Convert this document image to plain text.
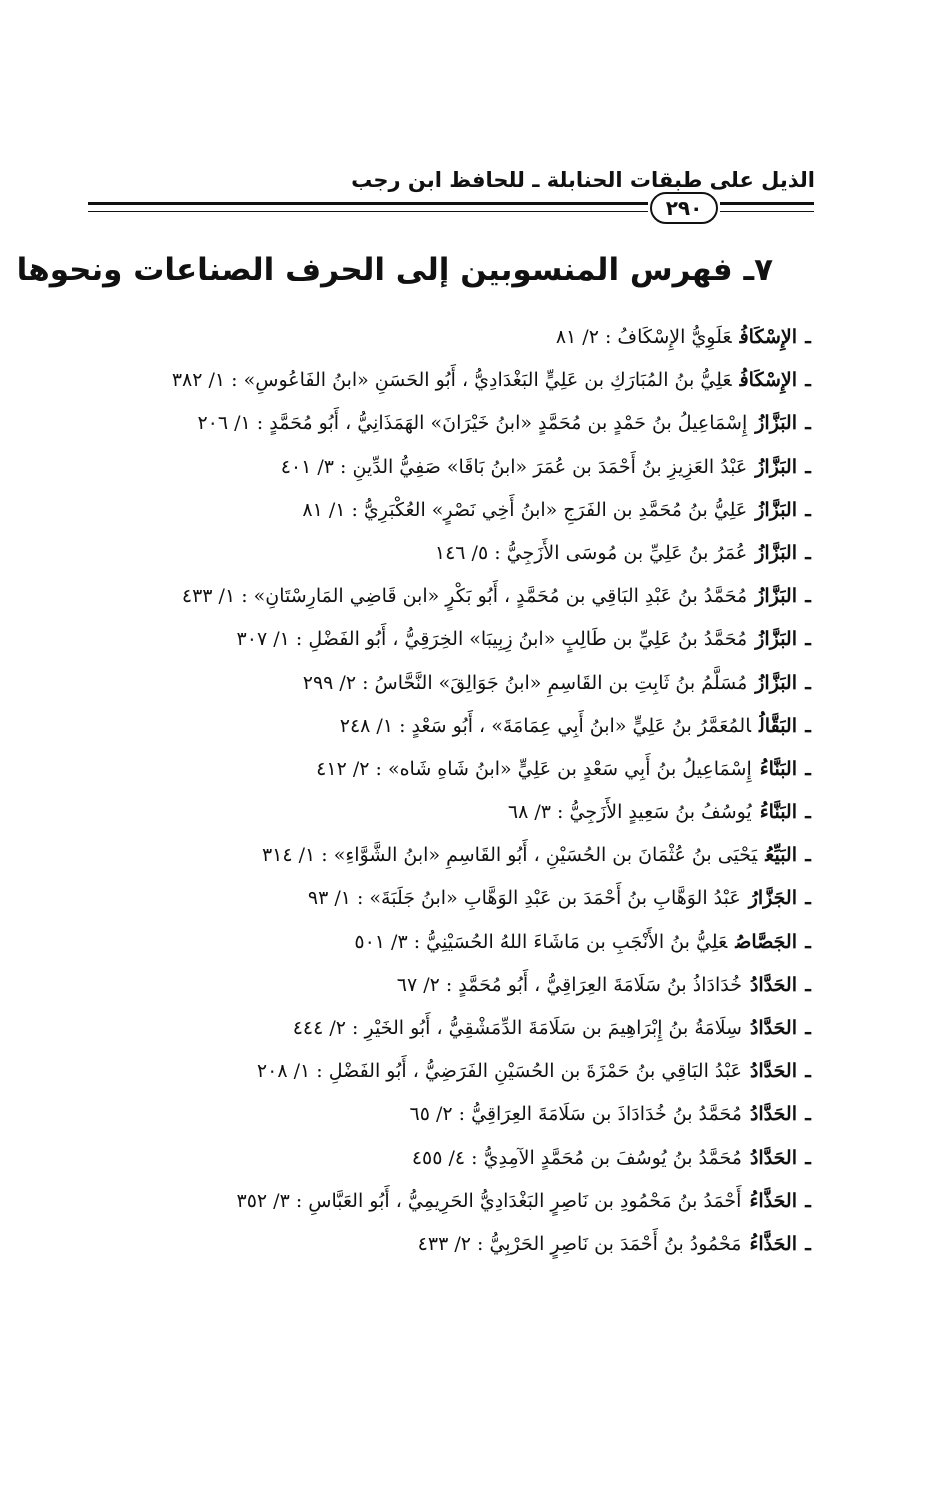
الذيل على طبقات الحنابلة ـ للحافظ ابن رجب
٢٩٠
٧ـ فهرس المنسوبين إلى الحرف الصناعات ونحوها
ـالإِسْكَافُعَلَوِيُّ الإِسْكَافُ : ٢/ ٨١
ـالإِسْكَافُعَلِيُّ بنُ المُبَارَكِ بن عَلِيٍّ البَغْدَادِيُّ ، أَبُو الحَسَنِ «ابنُ الفَاعُوسِ» : ١/ ٣٨٢
ـالبَزَّازُإِسْمَاعِيلُ بنُ حَمْدٍ بن مُحَمَّدٍ «ابنُ خَيْرَانَ» الهَمَذَانِيُّ ، أَبُو مُحَمَّدٍ : ١/ ٢٠٦
ـالبَزَّازُعَبْدُ العَزِيزِ بنُ أَحْمَدَ بن عُمَرَ «ابنُ بَاقَا» صَفِيُّ الدِّينِ : ٣/ ٤٠١
ـالبَزَّازُعَلِيُّ بنُ مُحَمَّدِ بن الفَرَجِ «ابنُ أَخِي نَصْرٍ» العُكْبَرِيُّ : ١/ ٨١
ـالبَزَّازُعُمَرُ بنُ عَلِيِّ بن مُوسَى الأَزَجِيُّ : ٥/ ١٤٦
ـالبَزَّازُمُحَمَّدُ بنُ عَبْدِ البَاقِي بن مُحَمَّدٍ ، أَبُو بَكْرٍ «ابن قَاضِي المَارِسْتَانِ» : ١/ ٤٣٣
ـالبَزَّازُمُحَمَّدُ بنُ عَلِيِّ بن طَالِبٍ «ابنُ زِبِيبَا» الخِرَقِيُّ ، أَبُو الفَضْلِ : ١/ ٣٠٧
ـالبَزَّازُمُسَلَّمُ بنُ ثَابِتِ بن القَاسِمِ «ابنُ جَوَالِقَ» النَّحَّاسُ : ٢/ ٢٩٩
ـالبَقَّالُالمُعَمَّرُ بنُ عَلِيٍّ «ابنُ أَبِي عِمَامَةَ» ، أَبُو سَعْدٍ : ١/ ٢٤٨
ـالبَنَّاءُإِسْمَاعِيلُ بنُ أَبِي سَعْدٍ بن عَلِيٍّ «ابنُ شَاهِ شَاه» : ٢/ ٤١٢
ـالبَنَّاءُيُوسُفُ بنُ سَعِيدٍ الأَزَجِيُّ : ٣/ ٦٨
ـالبَيِّعُيَحْيَى بنُ عُثْمَانَ بن الحُسَيْنِ ، أَبُو القَاسِمِ «ابنُ الشَّوَّاءِ» : ١/ ٣١٤
ـالجَزَّارُعَبْدُ الوَهَّابِ بنُ أَحْمَدَ بن عَبْدِ الوَهَّابِ «ابنُ جَلَبَةَ» : ١/ ٩٣
ـالجَصَّاصُعَلِيُّ بنُ الأَنْجَبِ بن مَاشَاءَ اللهُ الحُسَيْنِيُّ : ٣/ ٥٠١
ـالحَدَّادُخُدَادَاذُ بنُ سَلَامَةَ العِرَاقِيُّ ، أَبُو مُحَمَّدٍ : ٢/ ٦٧
ـالحَدَّادُسِلَامَةُ بنُ إِبْرَاهِيمَ بن سَلَامَةَ الدِّمَشْقِيُّ ، أَبُو الخَيْرِ : ٢/ ٤٤٤
ـالحَدَّادُعَبْدُ البَاقِي بنُ حَمْزَةَ بن الحُسَيْنِ الفَرَضِيُّ ، أَبُو الفَضْلِ : ١/ ٢٠٨
ـالحَدَّادُمُحَمَّدُ بنُ خُدَادَاذَ بن سَلَامَةَ العِرَاقِيُّ : ٢/ ٦٥
ـالحَدَّادُمُحَمَّدُ بنُ يُوسُفَ بن مُحَمَّدٍ الآمِدِيُّ : ٤/ ٤٥٥
ـالحَذَّاءُأَحْمَدُ بنُ مَحْمُودِ بن نَاصِرٍ البَغْدَادِيُّ الحَرِيمِيُّ ، أَبُو العَبَّاسِ : ٣/ ٣٥٢
ـالحَذَّاءُمَحْمُودُ بنُ أَحْمَدَ بن نَاصِرٍ الحَرْبِيُّ : ٢/ ٤٣٣
